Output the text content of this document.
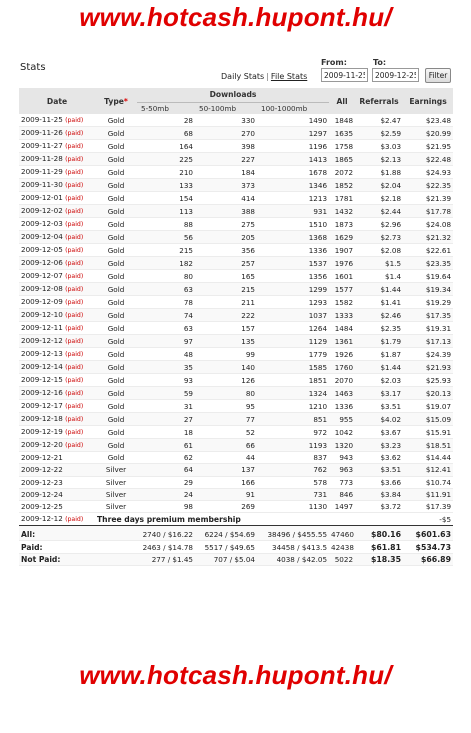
www.hotcash.hupont.hu/
Stats
Daily Stats | File Stats
From:	To:
2009-11-25
2009-12-25
Filter
Date	Type*	Downloads			All	Referrals	Earnings
		5-50mb	50-100mb	100-1000mb			
2009-11-25 (paid)	Gold	28	330	1490	1848	$2.47	$23.48
2009-11-26 (paid)	Gold	68	270	1297	1635	$2.59	$20.99
2009-11-27 (paid)	Gold	164	398	1196	1758	$3.03	$21.95
2009-11-28 (paid)	Gold	225	227	1413	1865	$2.13	$22.48
2009-11-29 (paid)	Gold	210	184	1678	2072	$1.88	$24.93
2009-11-30 (paid)	Gold	133	373	1346	1852	$2.04	$22.35
2009-12-01 (paid)	Gold	154	414	1213	1781	$2.18	$21.39
2009-12-02 (paid)	Gold	113	388	931	1432	$2.44	$17.78
2009-12-03 (paid)	Gold	88	275	1510	1873	$2.96	$24.08
2009-12-04 (paid)	Gold	56	205	1368	1629	$2.73	$21.32
2009-12-05 (paid)	Gold	215	356	1336	1907	$2.08	$22.61
2009-12-06 (paid)	Gold	182	257	1537	1976	$1.5	$23.35
2009-12-07 (paid)	Gold	80	165	1356	1601	$1.4	$19.64
2009-12-08 (paid)	Gold	63	215	1299	1577	$1.44	$19.34
2009-12-09 (paid)	Gold	78	211	1293	1582	$1.41	$19.29
2009-12-10 (paid)	Gold	74	222	1037	1333	$2.46	$17.35
2009-12-11 (paid)	Gold	63	157	1264	1484	$2.35	$19.31
2009-12-12 (paid)	Gold	97	135	1129	1361	$1.79	$17.13
2009-12-13 (paid)	Gold	48	99	1779	1926	$1.87	$24.39
2009-12-14 (paid)	Gold	35	140	1585	1760	$1.44	$21.93
2009-12-15 (paid)	Gold	93	126	1851	2070	$2.03	$25.93
2009-12-16 (paid)	Gold	59	80	1324	1463	$3.17	$20.13
2009-12-17 (paid)	Gold	31	95	1210	1336	$3.51	$19.07
2009-12-18 (paid)	Gold	27	77	851	955	$4.02	$15.09
2009-12-19 (paid)	Gold	18	52	972	1042	$3.67	$15.91
2009-12-20 (paid)	Gold	61	66	1193	1320	$3.23	$18.51
2009-12-21	Gold	62	44	837	943	$3.62	$14.44
2009-12-22	Silver	64	137	762	963	$3.51	$12.41
2009-12-23	Silver	29	166	578	773	$3.66	$10.74
2009-12-24	Silver	24	91	731	846	$3.84	$11.91
2009-12-25	Silver	98	269	1130	1497	$3.72	$17.39
2009-12-12 (paid)	Three days premium membership						-$5
All:		2740 / $16.22	6224 / $54.69	38496 / $455.55	47460	$80.16	$601.63
Paid:		2463 / $14.78	5517 / $49.65	34458 / $413.5	42438	$61.81	$534.73
Not Paid:		277 / $1.45	707 / $5.04	4038 / $42.05	5022	$18.35	$66.89
www.hotcash.hupont.hu/
